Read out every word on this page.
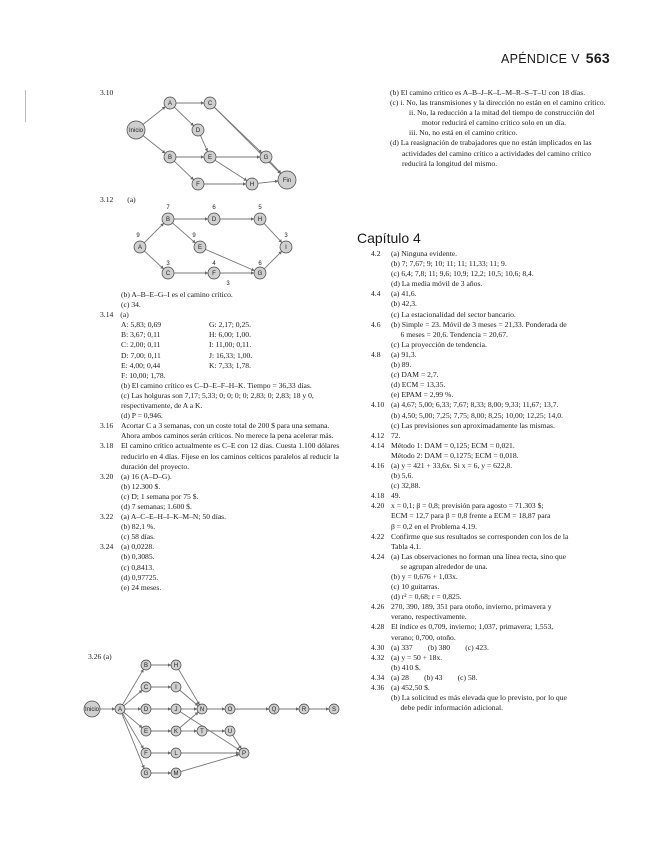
APÉNDICE V 563
3.10
Inicio
A	C
D
B	E	G
F	H
Fin
3.12 (a)
A
B
C
D
E
F	G
H
I
9
7	6	5
9
3
3
4	6
3
(b) A–B–E–G–I es el camino crítico.
(c) 34.
3.14 (a)
A: 5,83; 0,69	G: 2,17; 0,25.
B: 3,67; 0,11	H: 6,00; 1,00.
C: 2,00; 0,11	I: 11,00; 0,11.
D: 7,00; 0,11	J: 16,33; 1,00.
E: 4,00; 0,44	K: 7,33; 1,78.
F: 10,00; 1,78.
(b) El camino crítico es C–D–E–F–H–K. Tiempo = 36,33 días.
(c) Las holguras son 7,17; 5,33; 0; 0; 0; 0; 2,83; 0; 2,83; 18 y 0, respectivamente, de A a K.
(d) P = 0,946.
3.16	Acortar C a 3 semanas, con un coste total de 200 $ para una semana. Ahora ambos caminos serán críticos. No merece la pena acelerar más.
3.18	El camino crítico actualmente es C–E con 12 días. Cuesta 1.100 dólares reducirlo en 4 días. Fíjese en los caminos celticos paralelos al reducir la duración del proyecto.
3.20	(a) 16 (A–D–G).
(b) 12.300 $.
(c) D; 1 semana por 75 $.
(d) 7 semanas; 1.600 $.
3.22	(a) A–C–E–H–I–K–M–N; 50 días.
(b) 82,1 %.
(c) 58 días.
3.24	(a) 0,0228.
(b) 0,3085.
(c) 0,8413.
(d) 0,97725.
(e) 24 meses.
3.26 (a)
Inicio	A
B
C
D
E
F
G
H
I
J
K
L
M
N	O
P
Q	R	S
T	U
(b) El camino crítico es A–B–J–K–L–M–R–S–T–U con 18 días.
(c) i. No, las transmisiones y la dirección no están en el camino crítico.
ii. No, la reducción a la mitad del tiempo de construcción del motor reducirá el camino crítico solo en un día.
iii. No, no está en el camino crítico.
(d) La reasignación de trabajadores que no están implicados en las actividades del camino crítico a actividades del camino crítico reducirá la longitud del mismo.
Capítulo 4
4.2	(a) Ninguna evidente.
(b) 7; 7,67; 9; 10; 11; 11; 11,33; 11; 9.
(c) 6,4; 7,8; 11; 9,6; 10,9; 12,2; 10,5; 10,6; 8,4.
(d) La media móvil de 3 años.
4.4	(a) 41,6.
(b) 42,3.
(c) La estacionalidad del sector bancario.
4.6	(b) Simple = 23. Móvil de 3 meses = 21,33. Ponderada de
6 meses = 20,6. Tendencia = 20,67.
(c) La proyección de tendencia.
4.8	(a) 91,3.
(b) 89.
(c) DAM = 2,7.
(d) ECM = 13,35.
(e) EPAM = 2,99 %.
4.10 (a) 4,67; 5,00; 6,33; 7,67; 8,33; 8,00; 9,33; 11,67; 13,7.
(b) 4,50; 5,00; 7,25; 7,75; 8,00; 8,25; 10,00; 12,25; 14,0.
(c) Las previsiones son aproximadamente las mismas.
4.12 72.
4.14 Método 1: DAM = 0,125; ECM = 0,021.
Método 2: DAM = 0,1275; ECM = 0,018.
4.16 (a) y = 421 + 33,6x. Si x = 6, y = 622,8.
(b) 5,6.
(c) 32,88.
4.18 49.
4.20 x = 0,1; β = 0,8; previsión para agosto = 71.303 $;
ECM = 12,7 para β = 0,8 frente a ECM = 18,87 para
β = 0,2 en el Problema 4.19.
4.22 Confirme que sus resultados se corresponden con los de la
Tabla 4.1.
4.24 (a) Las observaciones no forman una línea recta, sino que
se agrupan alrededor de una.
(b) y = 0,676 + 1,03x.
(c) 10 guitarras.
(d) r² = 0,68; r = 0,825.
4.26 270, 390, 189, 351 para otoño, invierno, primavera y
verano, respectivamente.
4.28 El índice es 0,709, invierno; 1,037, primavera; 1,553,
verano; 0,700, otoño.
4.30 (a) 337        (b) 380        (c) 423.
4.32 (a) y = 50 + 18x.
(b) 410 $.
4.34 (a) 28        (b) 43        (c) 58.
4.36 (a) 452,50 $.
(b) La solicitud es más elevada que lo previsto, por lo que
debe pedir información adicional.
